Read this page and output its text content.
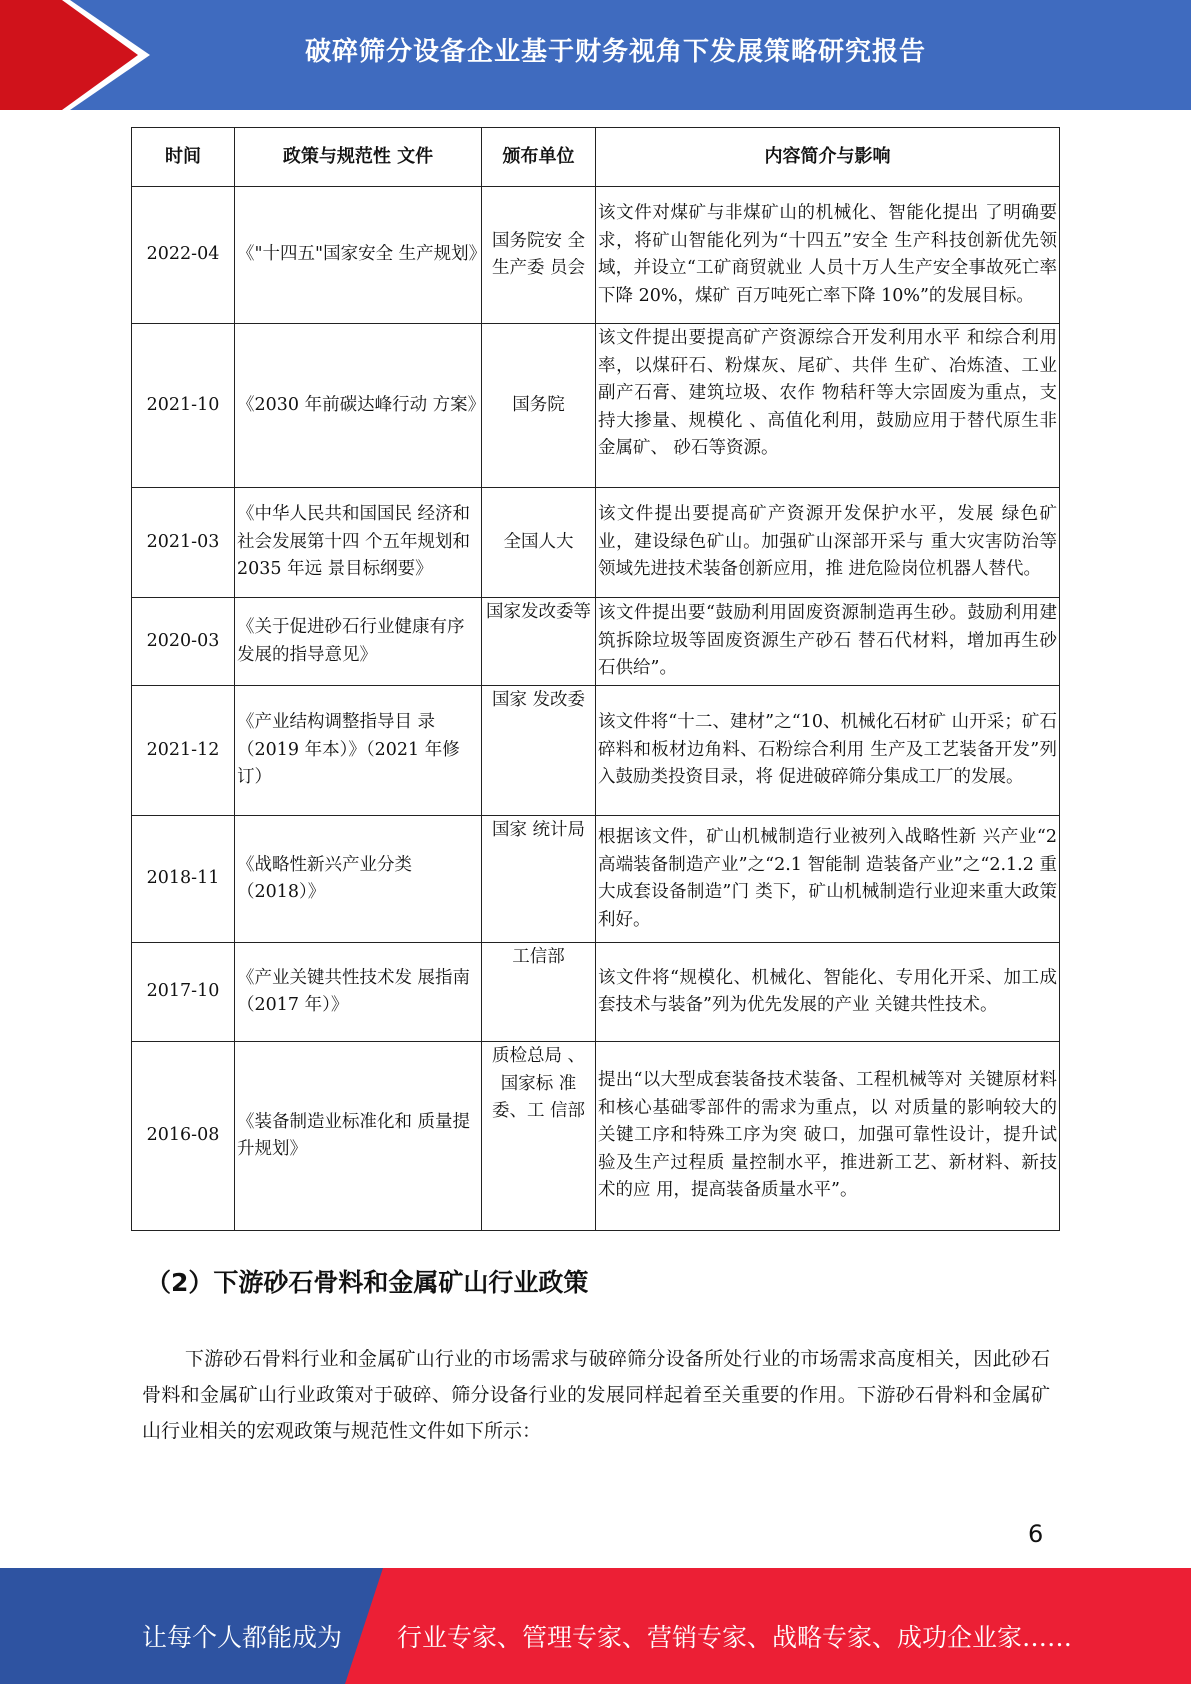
破碎筛分设备企业基于财务视角下发展策略研究报告
时间	政策与规范性 文件	颁布单位	内容简介与影响
2022-04	《"十四五"国家安全 生产规划》	国务院安 全生产委 员会	该文件对煤矿与非煤矿山的机械化、智能化提出 了明确要求，将矿山智能化列为“十四五”安全 生产科技创新优先领域，并设立“工矿商贸就业 人员十万人生产安全事故死亡率下降 20%，煤矿 百万吨死亡率下降 10%”的发展目标。
2021-10	《2030 年前碳达峰行动 方案》	国务院	该文件提出要提高矿产资源综合开发利用水平 和综合利用率，以煤矸石、粉煤灰、尾矿、共伴 生矿、冶炼渣、工业副产石膏、建筑垃圾、农作 物秸秆等大宗固废为重点，支持大掺量、规模化 、高值化利用，鼓励应用于替代原生非金属矿、 砂石等资源。
2021-03	《中华人民共和国国民 经济和社会发展第十四 个五年规划和 2035 年远 景目标纲要》	全国人大	该文件提出要提高矿产资源开发保护水平，发展 绿色矿业，建设绿色矿山。加强矿山深部开采与 重大灾害防治等领域先进技术装备创新应用，推 进危险岗位机器人替代。
2020-03	《关于促进砂石行业健康有序发展的指导意见》	国家发改委等	该文件提出要“鼓励利用固废资源制造再生砂。鼓励利用建筑拆除垃圾等固废资源生产砂石 替石代材料，增加再生砂石供给”。
2021-12	《产业结构调整指导目 录（2019 年本）》（2021 年修订）	国家 发改委	该文件将“十二、建材”之“10、机械化石材矿 山开采；矿石碎料和板材边角料、石粉综合利用 生产及工艺装备开发”列入鼓励类投资目录，将 促进破碎筛分集成工厂的发展。
2018-11	《战略性新兴产业分类（2018）》	国家 统计局	根据该文件，矿山机械制造行业被列入战略性新 兴产业“2 高端装备制造产业”之“2.1 智能制 造装备产业”之“2.1.2 重大成套设备制造”门 类下，矿山机械制造行业迎来重大政策利好。
2017-10	《产业关键共性技术发 展指南（2017 年）》	工信部	该文件将“规模化、机械化、智能化、专用化开采、加工成套技术与装备”列为优先发展的产业 关键共性技术。
2016-08	《装备制造业标准化和 质量提升规划》	质检总局 、国家标 准委、工 信部	提出“以大型成套装备技术装备、工程机械等对 关键原材料和核心基础零部件的需求为重点，以 对质量的影响较大的关键工序和特殊工序为突 破口，加强可靠性设计，提升试验及生产过程质 量控制水平，推进新工艺、新材料、新技术的应 用，提高装备质量水平”。
（2）下游砂石骨料和金属矿山行业政策
下游砂石骨料行业和金属矿山行业的市场需求与破碎筛分设备所处行业的市场需求高度相关，因此砂石骨料和金属矿山行业政策对于破碎、筛分设备行业的发展同样起着至关重要的作用。下游砂石骨料和金属矿山行业相关的宏观政策与规范性文件如下所示：
6
让每个人都能成为 行业专家、管理专家、营销专家、战略专家、成功企业家……
